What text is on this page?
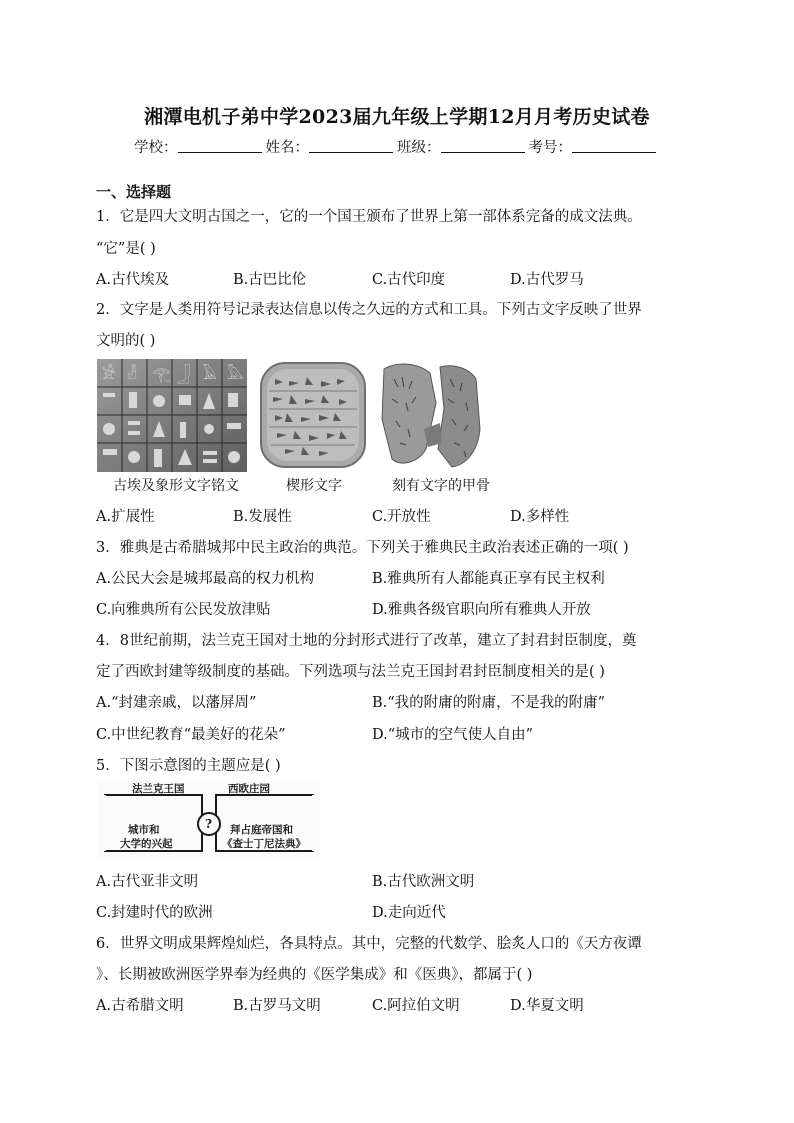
湘潭电机子弟中学2023届九年级上学期12月月考历史试卷
学校：	姓名：	班级：	考号：
一、选择题
1．它是四大文明古国之一，它的一个国王颁布了世界上第一部体系完备的成文法典。
“它”是( )
A.古代埃及	B.古巴比伦	C.古代印度	D.古代罗马
2．文字是人类用符号记录表达信息以传之久远的方式和工具。下列古文字反映了世界
文明的( )
𓀀 𓁐 𓂀 𓃀 𓄿 𓅓
古埃及象形文字铭文	楔形文字	刻有文字的甲骨
A.扩展性	B.发展性	C.开放性	D.多样性
3．雅典是古希腊城邦中民主政治的典范。下列关于雅典民主政治表述正确的一项( )
A.公民大会是城邦最高的权力机构	B.雅典所有人都能真正享有民主权利
C.向雅典所有公民发放津贴	D.雅典各级官职向所有雅典人开放
4．8世纪前期，法兰克王国对土地的分封形式进行了改革，建立了封君封臣制度，奠
定了西欧封建等级制度的基础。下列选项与法兰克王国封君封臣制度相关的是( )
A.“封建亲戚，以藩屏周”	B.“我的附庸的附庸，不是我的附庸”
C.中世纪教育“最美好的花朵”	D.“城市的空气使人自由”
5．下图示意图的主题应是( )
法兰克王国	西欧庄园
城市和
大学的兴起
拜占庭帝国和
《查士丁尼法典》
?
A.古代亚非文明	B.古代欧洲文明
C.封建时代的欧洲	D.走向近代
6．世界文明成果辉煌灿烂，各具特点。其中，完整的代数学、脍炙人口的《天方夜谭
》、长期被欧洲医学界奉为经典的《医学集成》和《医典》，都属于( )
A.古希腊文明	B.古罗马文明	C.阿拉伯文明	D.华夏文明
